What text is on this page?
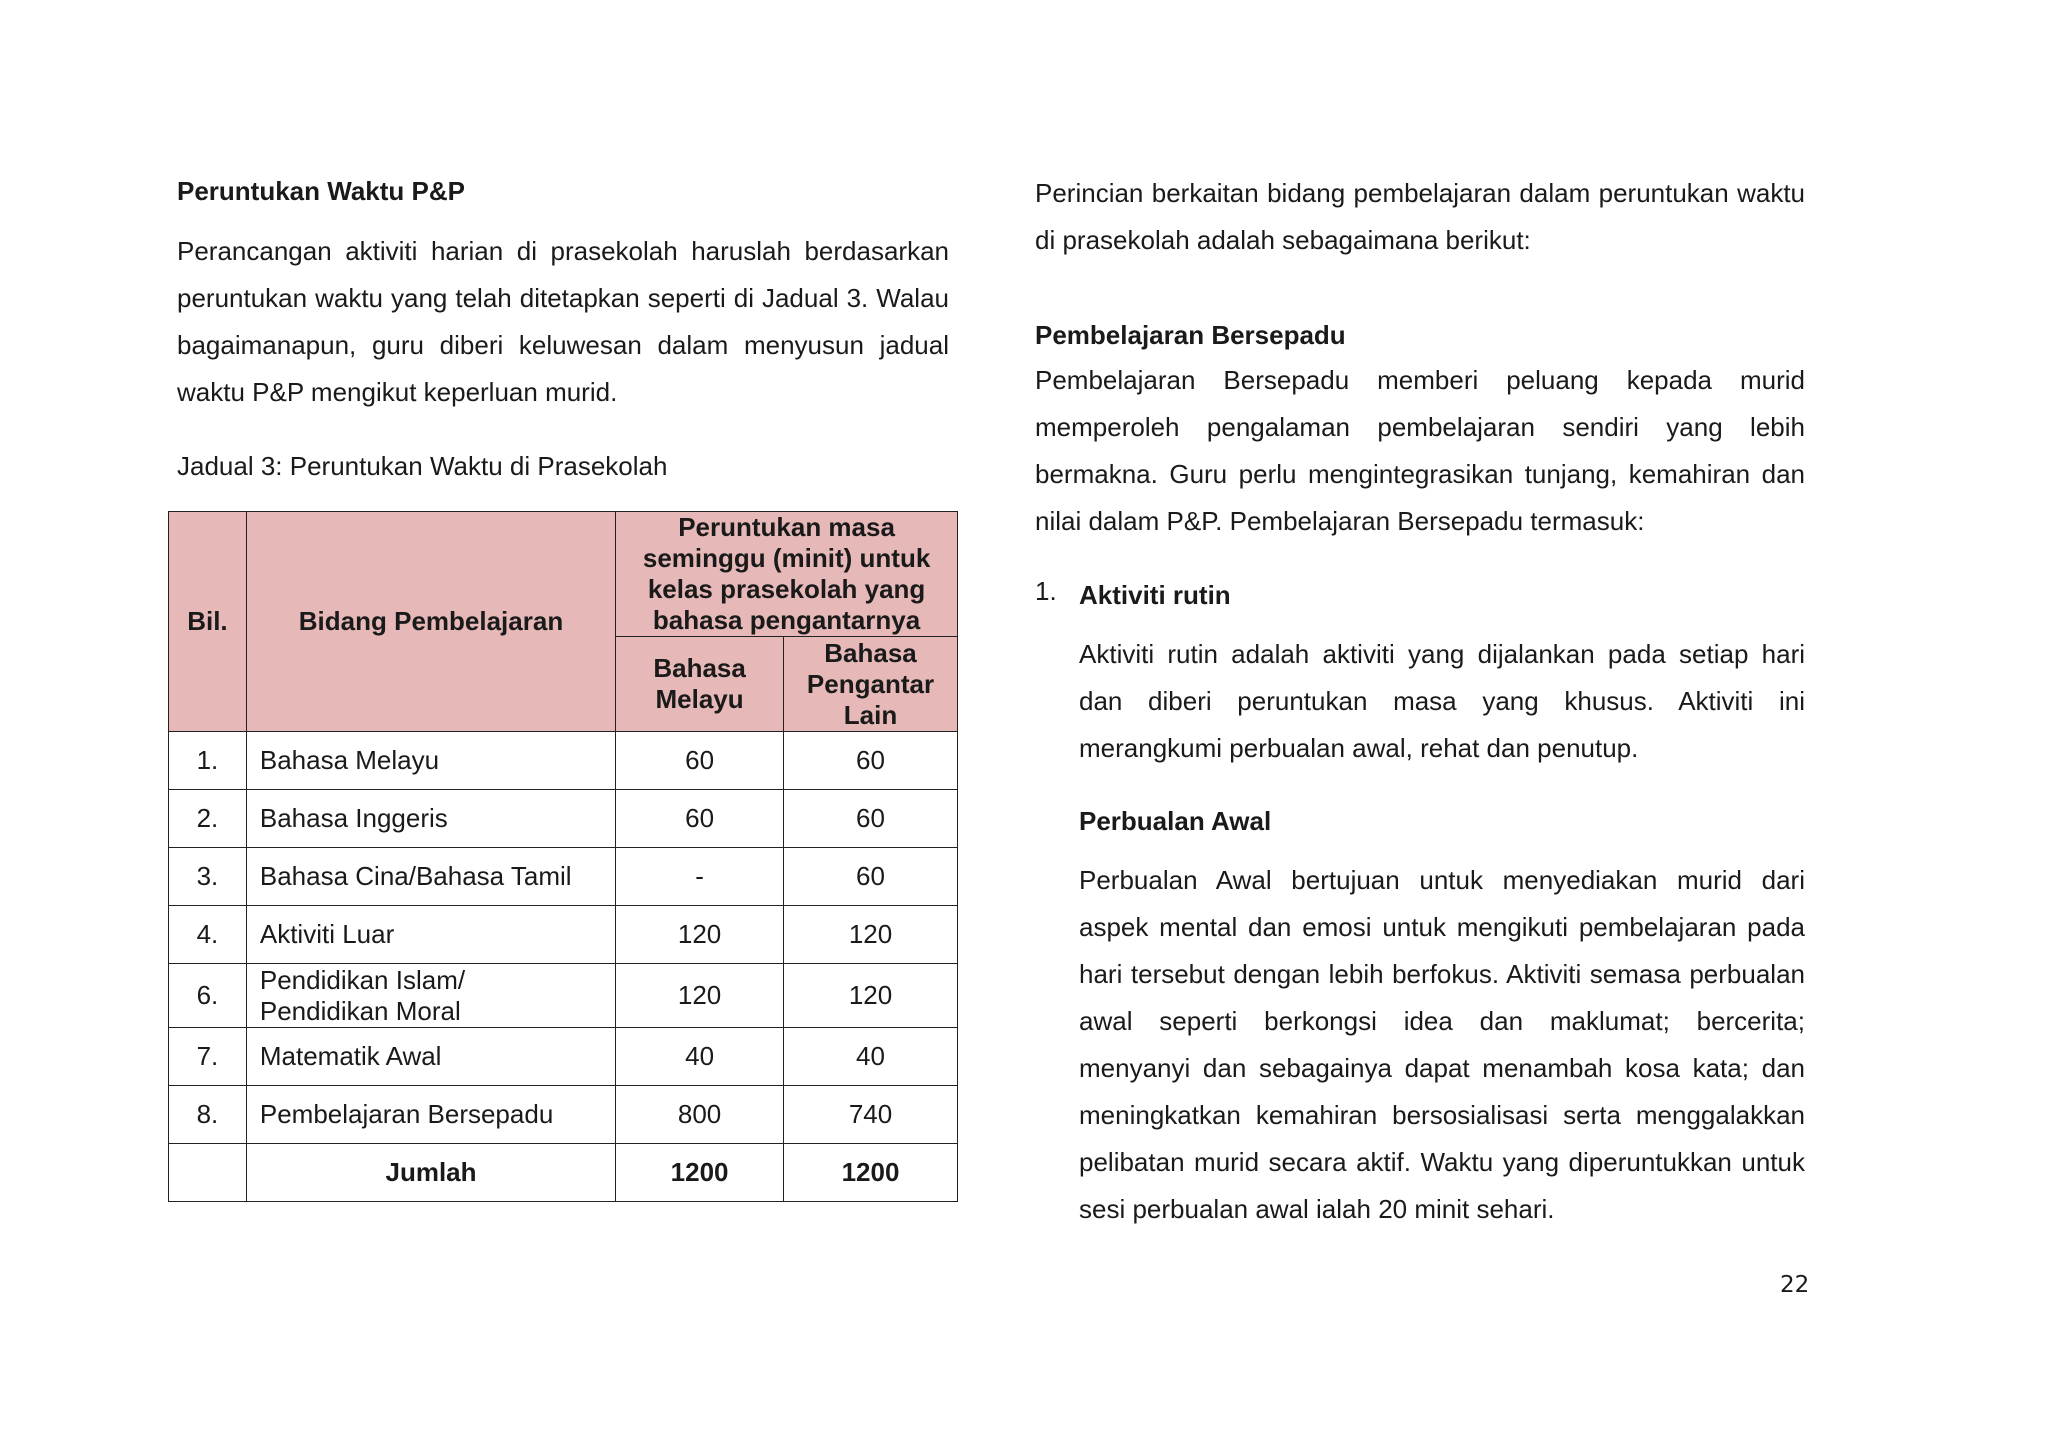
Peruntukan Waktu P&P
Perancangan aktiviti harian di prasekolah haruslah berdasarkan peruntukan waktu yang telah ditetapkan seperti di Jadual 3. Walau bagaimanapun, guru diberi keluwesan dalam menyusun jadual waktu P&P mengikut keperluan murid.
Jadual 3: Peruntukan Waktu di Prasekolah
Bil.	Bidang Pembelajaran	Peruntukan masa seminggu (minit) untuk kelas prasekolah yang bahasa pengantarnya	
		Bahasa Melayu	Bahasa Pengantar Lain
1.	Bahasa Melayu	60	60
2.	Bahasa Inggeris	60	60
3.	Bahasa Cina/Bahasa Tamil	-	60
4.	Aktiviti Luar	120	120
6.	Pendidikan Islam/ Pendidikan Moral	120	120
7.	Matematik Awal	40	40
8.	Pembelajaran Bersepadu	800	740
	Jumlah	1200	1200
Perincian berkaitan bidang pembelajaran dalam peruntukan waktu di prasekolah adalah sebagaimana berikut:
Pembelajaran Bersepadu
Pembelajaran Bersepadu memberi peluang kepada murid memperoleh pengalaman pembelajaran sendiri yang lebih bermakna. Guru perlu mengintegrasikan tunjang, kemahiran dan nilai dalam P&P. Pembelajaran Bersepadu termasuk:
1. Aktiviti rutin
Aktiviti rutin adalah aktiviti yang dijalankan pada setiap hari dan diberi peruntukan masa yang khusus. Aktiviti ini merangkumi perbualan awal, rehat dan penutup.
Perbualan Awal
Perbualan Awal bertujuan untuk menyediakan murid dari aspek mental dan emosi untuk mengikuti pembelajaran pada hari tersebut dengan lebih berfokus. Aktiviti semasa perbualan awal seperti berkongsi idea dan maklumat; bercerita; menyanyi dan sebagainya dapat menambah kosa kata; dan meningkatkan kemahiran bersosialisasi serta menggalakkan pelibatan murid secara aktif. Waktu yang diperuntukkan untuk sesi perbualan awal ialah 20 minit sehari.
22
